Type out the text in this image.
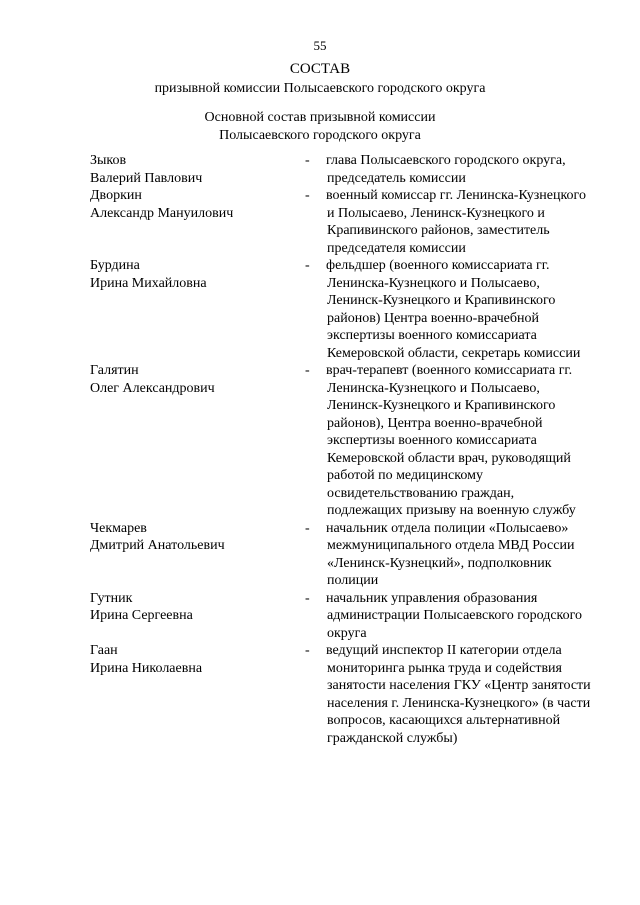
55
СОСТАВ
призывной комиссии Полысаевского городского округа
Основной состав призывной комиссии Полысаевского городского округа
Зыков
Валерий Павлович
- глава Полысаевского городского округа, председатель комиссии
Дворкин
Александр Мануилович
- военный комиссар гг. Ленинска-Кузнецкого и Полысаево, Ленинск-Кузнецкого и Крапивинского районов, заместитель председателя комиссии
Бурдина
Ирина Михайловна
- фельдшер (военного комиссариата гг. Ленинска-Кузнецкого и Полысаево, Ленинск-Кузнецкого и Крапивинского районов) Центра военно-врачебной экспертизы военного комиссариата Кемеровской области, секретарь комиссии
Галятин
Олег Александрович
- врач-терапевт (военного комиссариата гг. Ленинска-Кузнецкого и Полысаево, Ленинск-Кузнецкого и Крапивинского районов), Центра военно-врачебной экспертизы военного комиссариата Кемеровской области врач, руководящий работой по медицинскому освидетельствованию граждан, подлежащих призыву на военную службу
Чекмарев
Дмитрий Анатольевич
- начальник отдела полиции «Полысаево» межмуниципального отдела МВД России «Ленинск-Кузнецкий», подполковник полиции
Гутник
Ирина Сергеевна
- начальник управления образования администрации Полысаевского городского округа
Гаан
Ирина Николаевна
- ведущий инспектор II категории отдела мониторинга рынка труда и содействия занятости населения ГКУ «Центр занятости населения г. Ленинска-Кузнецкого» (в части вопросов, касающихся альтернативной гражданской службы)
